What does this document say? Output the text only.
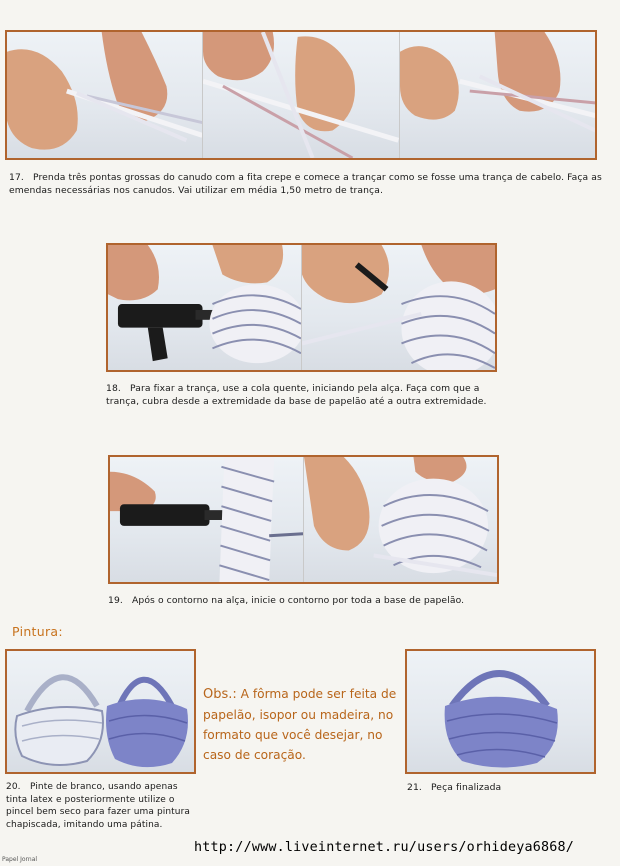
17. Prenda três pontas grossas do canudo com a fita crepe e comece a trançar como se fosse uma trança de cabelo. Faça as emendas necessárias nos canudos. Vai utilizar em média 1,50 metro de trança.
18. Para fixar a trança, use a cola quente, iniciando pela alça. Faça com que a trança, cubra desde a extremidade da base de papelão até a outra extremidade.
19. Após o contorno na alça, inicie o contorno por toda a base de papelão.
Pintura:
Obs.: A fôrma pode ser feita de papelão, isopor ou madeira, no formato que você desejar, no caso de coração.
20. Pinte de branco, usando apenas tinta latex e posteriormente utilize o pincel bem seco para fazer uma pintura chapiscada, imitando uma pátina.
21. Peça finalizada
Papel Jornal
http://www.liveinternet.ru/users/orhideya6868/
